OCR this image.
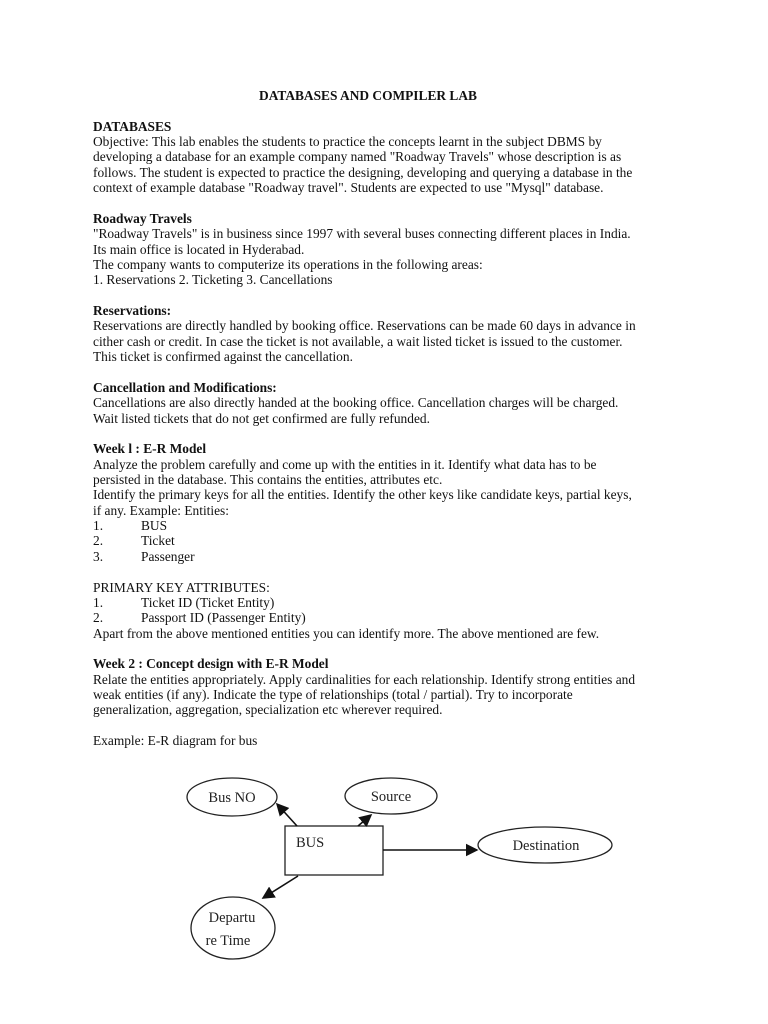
DATABASES AND COMPILER LAB
DATABASES
Objective: This lab enables the students to practice the concepts learnt in the subject DBMS by
developing a database for an example company named "Roadway Travels" whose description is as
follows. The student is expected to practice the designing, developing and querying a database in the
context of example database "Roadway travel". Students are expected to use "Mysql" database.
Roadway Travels
"Roadway Travels" is in business since 1997 with several buses connecting different places in India.
Its main office is located in Hyderabad.
The company wants to computerize its operations in the following areas:
1. Reservations 2. Ticketing 3. Cancellations
Reservations:
Reservations are directly handled by booking office. Reservations can be made 60 days in advance in
cither cash or credit. In case the ticket is not available, a wait listed ticket is issued to the customer.
This ticket is confirmed against the cancellation.
Cancellation and Modifications:
Cancellations are also directly handed at the booking office. Cancellation charges will be charged.
Wait listed tickets that do not get confirmed are fully refunded.
Week l : E-R Model
Analyze the problem carefully and come up with the entities in it. Identify what data has to be
persisted in the database. This contains the entities, attributes etc.
Identify the primary keys for all the entities. Identify the other keys like candidate keys, partial keys,
if any. Example: Entities:
1.	BUS
2.	Ticket
3.	Passenger
PRIMARY KEY ATTRIBUTES:
1.	Ticket ID (Ticket Entity)
2.	Passport ID (Passenger Entity)
Apart from the above mentioned entities you can identify more. The above mentioned are few.
Week 2 : Concept design with E-R Model
Relate the entities appropriately. Apply cardinalities for each relationship. Identify strong entities and
weak entities (if any). Indicate the type of relationships (total / partial). Try to incorporate
generalization, aggregation, specialization etc wherever required.
Example: E-R diagram for bus
Bus NO	Source
Destination
BUS
Departu
re Time
